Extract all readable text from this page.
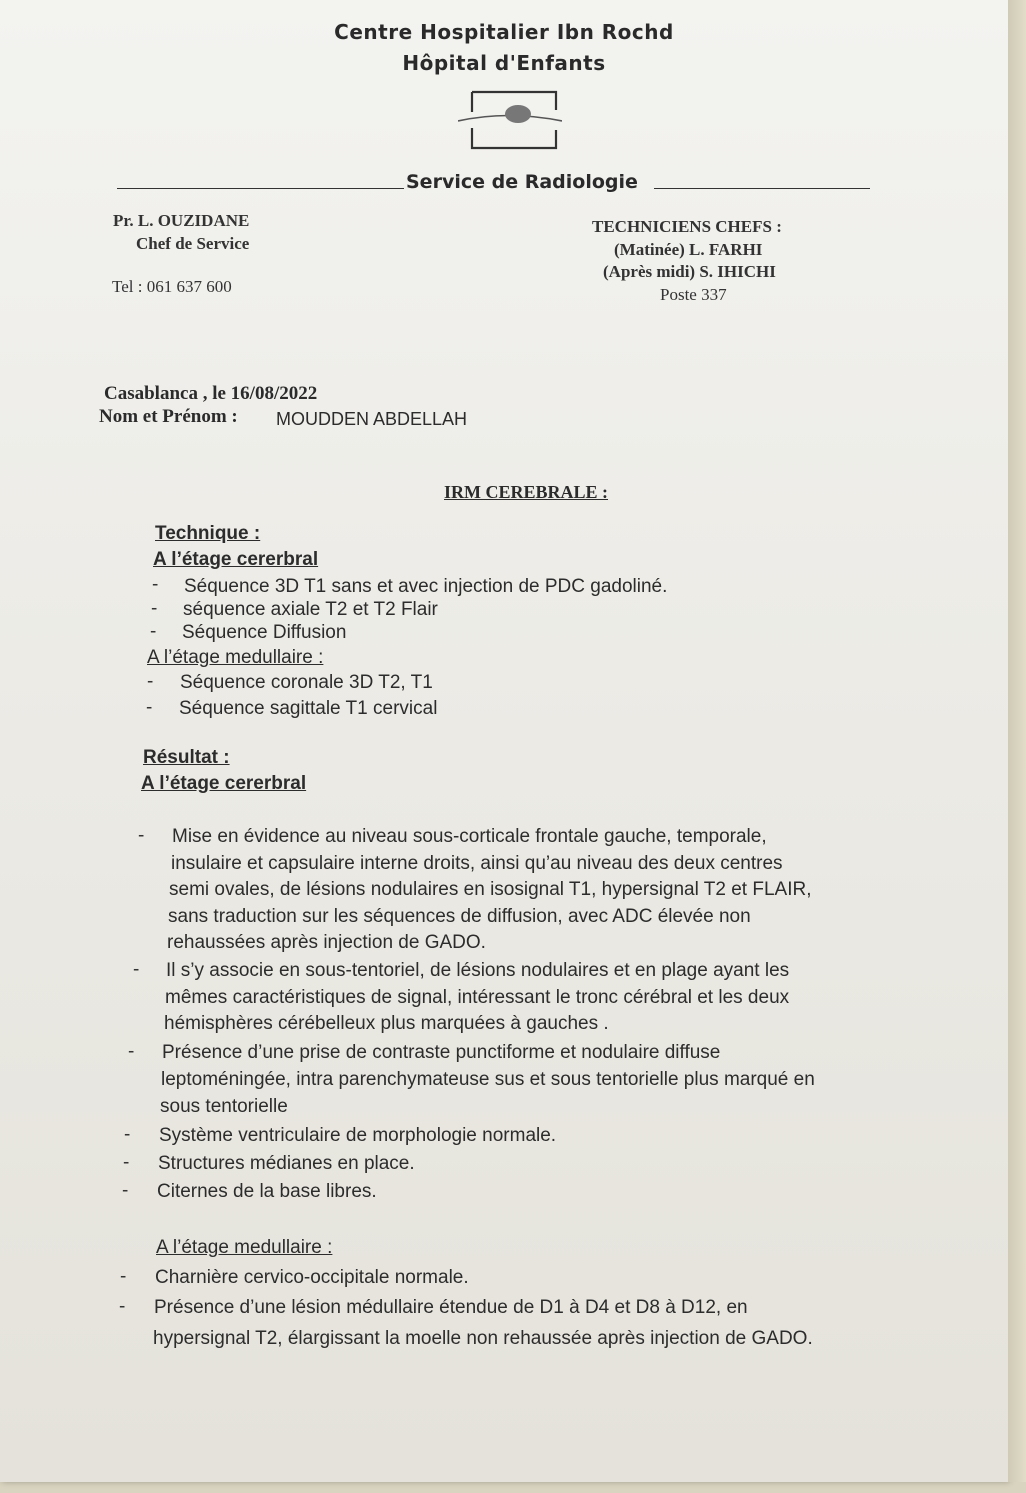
Centre Hospitalier Ibn Rochd
Hôpital d'Enfants
Service de Radiologie
Pr. L. OUZIDANE
Chef de Service
Tel : 061 637 600
TECHNICIENS CHEFS :
(Matinée) L. FARHI
(Après midi) S. IHICHI
Poste 337
Casablanca , le 16/08/2022
Nom et Prénom : MOUDDEN ABDELLAH
IRM CEREBRALE :
Technique :
A l’étage cererbral
- Séquence 3D T1 sans et avec injection de PDC gadoliné.
- séquence axiale T2 et T2 Flair
- Séquence Diffusion
A l’étage medullaire :
- Séquence coronale 3D T2, T1
- Séquence sagittale T1 cervical
Résultat :
A l’étage cererbral
- Mise en évidence au niveau sous-corticale frontale gauche, temporale,
insulaire et capsulaire interne droits, ainsi qu’au niveau des deux centres
semi ovales, de lésions nodulaires en isosignal T1, hypersignal T2 et FLAIR,
sans traduction sur les séquences de diffusion, avec ADC élevée non
rehaussées après injection de GADO.
- Il s’y associe en sous-tentoriel, de lésions nodulaires et en plage ayant les
mêmes caractéristiques de signal, intéressant le tronc cérébral et les deux
hémisphères cérébelleux plus marquées à gauches .
- Présence d’une prise de contraste punctiforme et nodulaire diffuse
leptoméningée, intra parenchymateuse sus et sous tentorielle plus marqué en
sous tentorielle
- Système ventriculaire de morphologie normale.
- Structures médianes en place.
- Citernes de la base libres.
A l’étage medullaire :
- Charnière cervico-occipitale normale.
- Présence d’une lésion médullaire étendue de D1 à D4 et D8 à D12, en
hypersignal T2, élargissant la moelle non rehaussée après injection de GADO.
